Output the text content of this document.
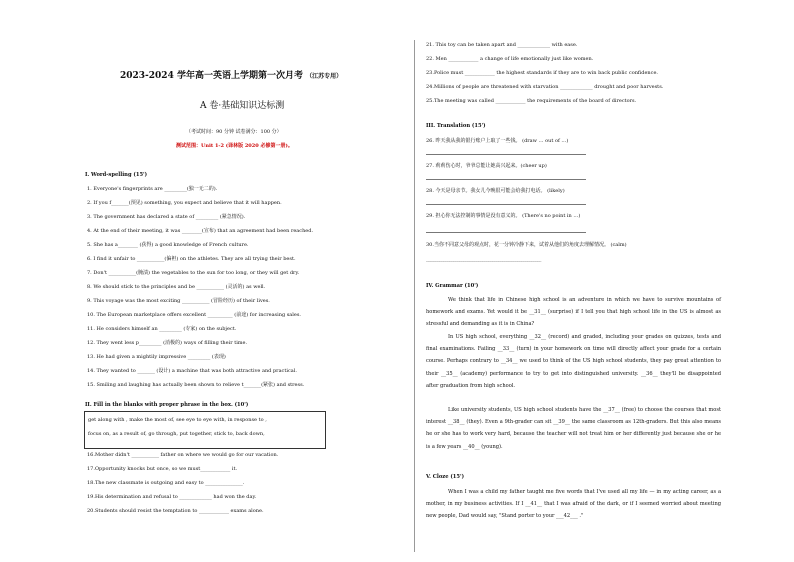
2023-2024 学年高一英语上学期第一次月考 （江苏专用）
A 卷·基础知识达标测
（考试时间：90 分钟 试卷满分：100 分）
测试范围：Unit 1-2 (译林版 2020 必修第一册)。
I. Word-spelling (15')
1. Everyone's fingerprints are _________(独一无二的).
2. If you f_______(预见) something, you expect and believe that it will happen.
3. The government has declared a state of _________ (紧急情况).
4. At the end of their meeting, it was ________(宣布) that an agreement had been reached.
5. She has a________ (获得) a good knowledge of French culture.
6. I find it unfair to ___________(偏袒) on the athletes. They are all trying their best.
7. Don't ___________(腌渍) the vegetables to the sun for too long, or they will get dry.
8. We should stick to the principles and be ___________ (灵活的) as well.
9. This voyage was the most exciting ___________ (冒险经历) of their lives.
10. The European marketplace offers excellent __________ (前途) for increasing sales.
11. He considers himself an _________ (专家) on the subject.
12. They went less p_________ (消极的) ways of filling their time.
13. He had given a mightily impressive _________ (表现)
14. They wanted to _______ (设计) a machine that was both attractive and practical.
15. Smiling and laughing has actually been shown to relieve t_______(紧张) and stress.
II. Fill in the blanks with proper phrase in the box. (10')
get along with , make the most of, see eye to eye with, in response to ,
focus on, as a result of, go through, put together, stick to, back down,
16.Mother didn't ___________ father on where we would go for our vacation.
17.Opportunity knocks but once, so we must____________ it.
18.The new classmate is outgoing and easy to _______________.
19.His determination and refusal to _____________ had won the day.
20.Students should resist the temptation to ____________ exams alone.
21. This toy can be taken apart and _____________ with ease.
22. Men ____________ a change of life emotionally just like women.
23.Police must ____________ the highest standards if they are to win back public confidence.
24.Millions of people are threatened with starvation _____________ drought and poor harvests.
25.The meeting was called ____________ the requirements of the board of directors.
III. Translation (15')
26. 昨天我从我的银行账户上取了一些钱。 (draw … out of …)
27. 莉莉伤心时，爷爷总能让她高兴起来。(cheer up)
28. 今天是母亲节。我女儿今晚很可能会给我打电话。 (likely)
29. 担心你无法控制的事情是没有意义的。 (There's no point in …)
30.当你不同意父母的观点时，花一分钟冷静下来，试着从他们的角度去理解情况。 (calm)
___________________________________________________________
IV. Grammar (10')
We think that life in Chinese high school is an adventure in which we have to survive mountains of homework and exams. Yet would it be __31__ (surprise) if I tell you that high school life in the US is almost as stressful and demanding as it is in China?
In US high school, everything __32__ (record) and graded, including your grades on quizzes, tests and final examinations. Failing __33__ (turn) in your homework on time will directly affect your grade for a certain course. Perhaps contrary to __34__ we used to think of the US high school students, they pay great attention to their __35__ (academy) performance to try to get into distinguished university. __36__ they'll be disappointed after graduation from high school.
Like university students, US high school students have the __37__ (free) to choose the courses that most interest __38__ (they). Even a 9th-grader can sit __39__ the same classroom as 12th-graders. But this also means he or she has to work very hard, because the teacher will not treat him or her differently just because she or he is a few years __40__ (young).
V. Cloze (15')
When I was a child my father taught me five words that I've used all my life — in my acting career, as a mother, in my business activities. If I __41__ that I was afraid of the dark, or if I seemed worried about meeting new people, Dad would say, "Stand porter to your ___42___ ."
